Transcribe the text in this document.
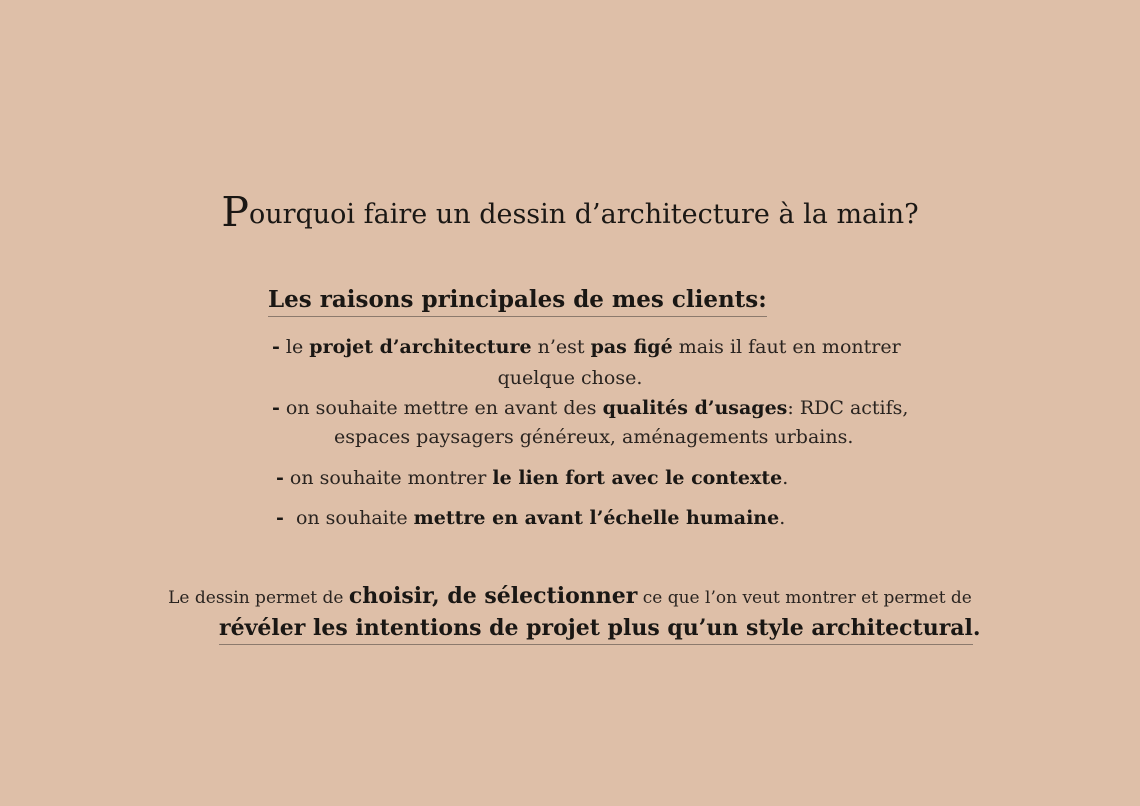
Pourquoi faire un dessin d’architecture à la main?
Les raisons principales de mes clients:
- le projet d’architecture n’est pas figé mais il faut en montrer
quelque chose.
- on souhaite mettre en avant des qualités d’usages: RDC actifs,
espaces paysagers généreux, aménagements urbains.
- on souhaite montrer le lien fort avec le contexte.
-  on souhaite mettre en avant l’échelle humaine.
Le dessin permet de choisir, de sélectionner ce que l’on veut montrer et permet de
révéler les intentions de projet plus qu’un style architectural.
